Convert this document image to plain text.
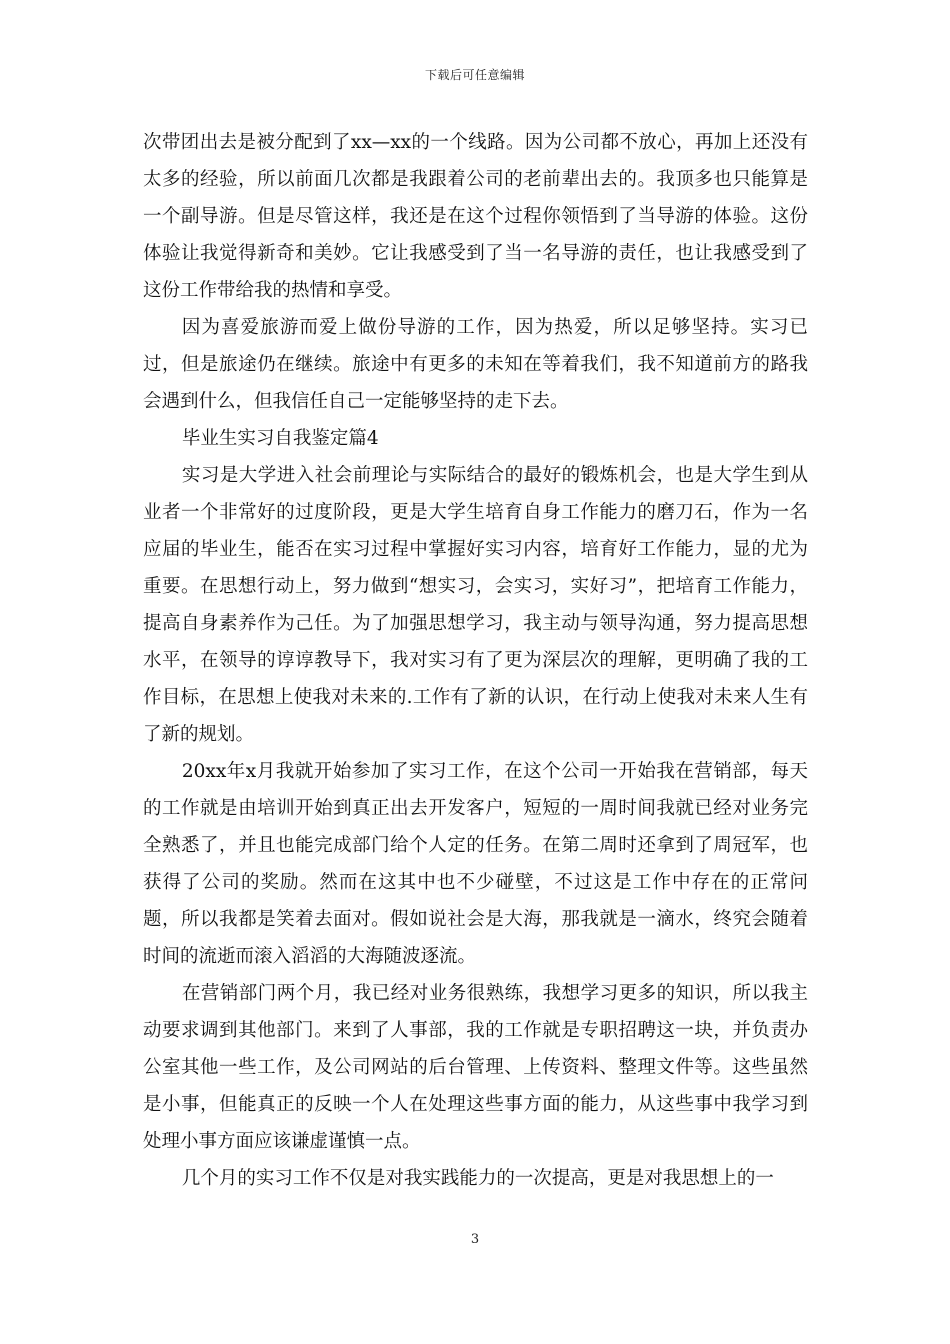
下载后可任意编辑

次带团出去是被分配到了xx—xx的一个线路。因为公司都不放心，再加上还没有太多的经验，所以前面几次都是我跟着公司的老前辈出去的。我顶多也只能算是一个副导游。但是尽管这样，我还是在这个过程你领悟到了当导游的体验。这份体验让我觉得新奇和美妙。它让我感受到了当一名导游的责任，也让我感受到了这份工作带给我的热情和享受。

因为喜爱旅游而爱上做份导游的工作，因为热爱，所以足够坚持。实习已过，但是旅途仍在继续。旅途中有更多的未知在等着我们，我不知道前方的路我会遇到什么，但我信任自己一定能够坚持的走下去。

毕业生实习自我鉴定篇4

实习是大学进入社会前理论与实际结合的最好的锻炼机会，也是大学生到从业者一个非常好的过度阶段，更是大学生培育自身工作能力的磨刀石，作为一名应届的毕业生，能否在实习过程中掌握好实习内容，培育好工作能力，显的尤为重要。在思想行动上，努力做到“想实习，会实习，实好习”，把培育工作能力，提高自身素养作为己任。为了加强思想学习，我主动与领导沟通，努力提高思想水平，在领导的谆谆教导下，我对实习有了更为深层次的理解，更明确了我的工作目标，在思想上使我对未来的.工作有了新的认识，在行动上使我对未来人生有了新的规划。

20xx年x月我就开始参加了实习工作，在这个公司一开始我在营销部，每天的工作就是由培训开始到真正出去开发客户，短短的一周时间我就已经对业务完全熟悉了，并且也能完成部门给个人定的任务。在第二周时还拿到了周冠军，也获得了公司的奖励。然而在这其中也不少碰壁，不过这是工作中存在的正常问题，所以我都是笑着去面对。假如说社会是大海，那我就是一滴水，终究会随着时间的流逝而滚入滔滔的大海随波逐流。

在营销部门两个月，我已经对业务很熟练，我想学习更多的知识，所以我主动要求调到其他部门。来到了人事部，我的工作就是专职招聘这一块，并负责办公室其他一些工作，及公司网站的后台管理、上传资料、整理文件等。这些虽然是小事，但能真正的反映一个人在处理这些事方面的能力，从这些事中我学习到处理小事方面应该谦虚谨慎一点。

几个月的实习工作不仅是对我实践能力的一次提高，更是对我思想上的一

3
